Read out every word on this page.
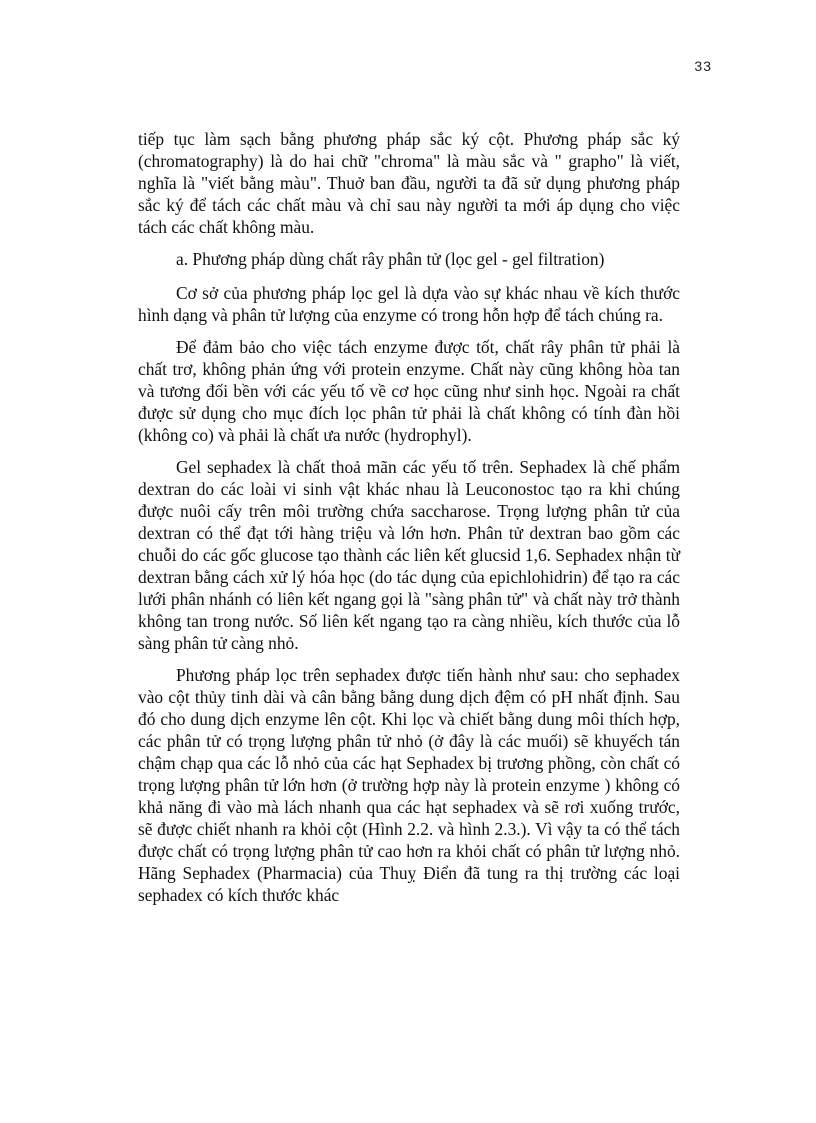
33

tiếp tục làm sạch bằng phương pháp sắc ký cột. Phương pháp sắc ký (chromatography) là do hai chữ "chroma" là màu sắc và " grapho" là viết, nghĩa là "viết bằng màu". Thuở ban đầu, người ta đã sử dụng phương pháp sắc ký để tách các chất màu và chỉ sau này người ta mới áp dụng cho việc tách các chất không màu.

a. Phương pháp dùng chất rây phân tử (lọc gel - gel filtration)

Cơ sở của phương pháp lọc gel là dựa vào sự khác nhau về kích thước hình dạng và phân tử lượng của enzyme có trong hỗn hợp để tách chúng ra.

Để đảm bảo cho việc tách enzyme được tốt, chất rây phân tử phải là chất trơ, không phản ứng với protein enzyme. Chất này cũng không hòa tan và tương đối bền với các yếu tố về cơ học cũng như sinh học. Ngoài ra chất được sử dụng cho mục đích lọc phân tử phải là chất không có tính đàn hồi (không co) và phải là chất ưa nước (hydrophyl).

Gel sephadex là chất thoả mãn các yếu tố trên. Sephadex là chế phẩm dextran do các loài vi sinh vật khác nhau là Leuconostoc tạo ra khi chúng được nuôi cấy trên môi trường chứa saccharose. Trọng lượng phân tử của dextran có thể đạt tới hàng triệu và lớn hơn. Phân tử dextran bao gồm các chuỗi do các gốc glucose tạo thành các liên kết glucsid 1,6. Sephadex nhận từ dextran bằng cách xử lý hóa học (do tác dụng của epichlohidrin) để tạo ra các lưới phân nhánh có liên kết ngang gọi là "sàng phân tử" và chất này trở thành không tan trong nước. Số liên kết ngang tạo ra càng nhiều, kích thước của lỗ sàng phân tử càng nhỏ.

Phương pháp lọc trên sephadex được tiến hành như sau: cho sephadex vào cột thủy tinh dài và cân bằng bằng dung dịch đệm có pH nhất định. Sau đó cho dung dịch enzyme lên cột. Khi lọc và chiết bằng dung môi thích hợp, các phân tử có trọng lượng phân tử nhỏ (ở đây là các muối) sẽ khuyếch tán chậm chạp qua các lỗ nhỏ của các hạt Sephadex bị trương phồng, còn chất có trọng lượng phân tử lớn hơn (ở trường hợp này là protein enzyme ) không có khả năng đi vào mà lách nhanh qua các hạt sephadex và sẽ rơi xuống trước, sẽ được chiết nhanh ra khỏi cột (Hình 2.2. và hình 2.3.). Vì vậy ta có thể tách được chất có trọng lượng phân tử cao hơn ra khỏi chất có phân tử lượng nhỏ. Hãng Sephadex (Pharmacia) của Thuỵ Điển đã tung ra thị trường các loại sephadex có kích thước khác
